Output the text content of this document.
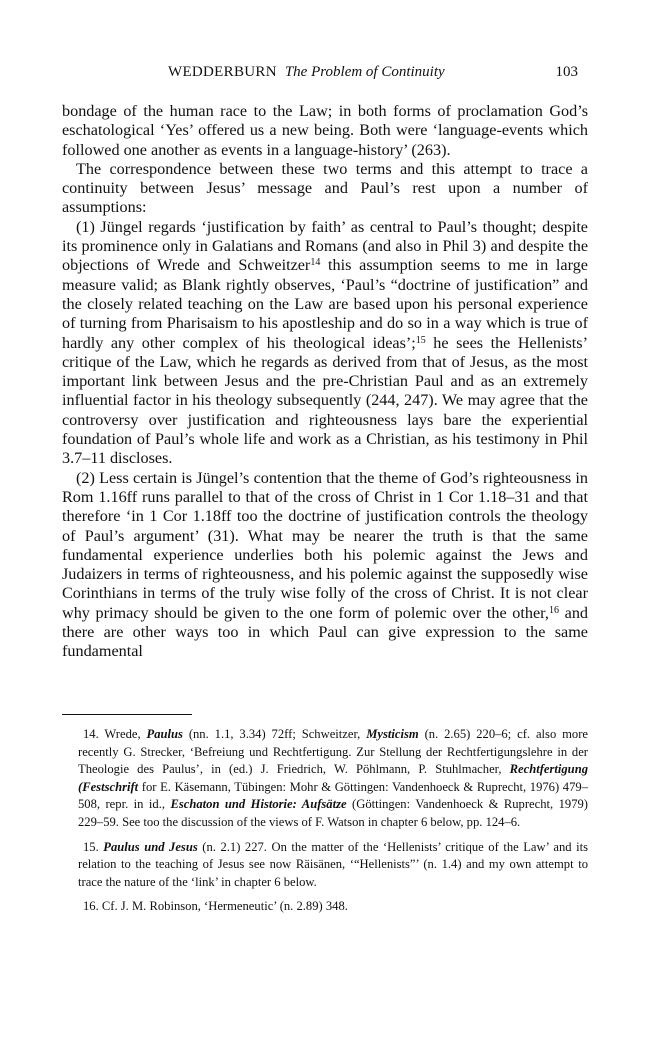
WEDDERBURN The Problem of Continuity	103

bondage of the human race to the Law; in both forms of proclamation God’s eschatological ‘Yes’ offered us a new being. Both were ‘language-events which followed one another as events in a language-history’ (263).

The correspondence between these two terms and this attempt to trace a continuity between Jesus’ message and Paul’s rest upon a number of assumptions:

(1) Jüngel regards ‘justification by faith’ as central to Paul’s thought; despite its prominence only in Galatians and Romans (and also in Phil 3) and despite the objections of Wrede and Schweitzer$^{14}$ this assumption seems to me in large measure valid; as Blank rightly observes, ‘Paul’s “doctrine of justification” and the closely related teaching on the Law are based upon his personal experience of turning from Pharisaism to his apostleship and do so in a way which is true of hardly any other complex of his theological ideas’;$^{15}$ he sees the Hellenists’ critique of the Law, which he regards as derived from that of Jesus, as the most important link between Jesus and the pre-Christian Paul and as an extremely influential factor in his theology subsequently (244, 247). We may agree that the controversy over justification and righteousness lays bare the experiential foundation of Paul’s whole life and work as a Christian, as his testimony in Phil 3.7–11 discloses.

(2) Less certain is Jüngel’s contention that the theme of God’s righteousness in Rom 1.16ff runs parallel to that of the cross of Christ in 1 Cor 1.18–31 and that therefore ‘in 1 Cor 1.18ff too the doctrine of justification controls the theology of Paul’s argument’ (31). What may be nearer the truth is that the same fundamental experience underlies both his polemic against the Jews and Judaizers in terms of righteousness, and his polemic against the supposedly wise Corinthians in terms of the truly wise folly of the cross of Christ. It is not clear why primacy should be given to the one form of polemic over the other,$^{16}$ and there are other ways too in which Paul can give expression to the same fundamental

14. Wrede, Paulus (nn. 1.1, 3.34) 72ff; Schweitzer, Mysticism (n. 2.65) 220–6; cf. also more recently G. Strecker, ‘Befreiung und Rechtfertigung. Zur Stellung der Rechtfertigungslehre in der Theologie des Paulus’, in (ed.) J. Friedrich, W. Pöhlmann, P. Stuhlmacher, Rechtfertigung (Festschrift for E. Käsemann, Tübingen: Mohr & Göttingen: Vandenhoeck & Ruprecht, 1976) 479–508, repr. in id., Eschaton und Historie: Aufsätze (Göttingen: Vandenhoeck & Ruprecht, 1979) 229–59. See too the discussion of the views of F. Watson in chapter 6 below, pp. 124–6.

15. Paulus und Jesus (n. 2.1) 227. On the matter of the ‘Hellenists’ critique of the Law’ and its relation to the teaching of Jesus see now Räisänen, ‘“Hellenists”’ (n. 1.4) and my own attempt to trace the nature of the ‘link’ in chapter 6 below.

16. Cf. J. M. Robinson, ‘Hermeneutic’ (n. 2.89) 348.
